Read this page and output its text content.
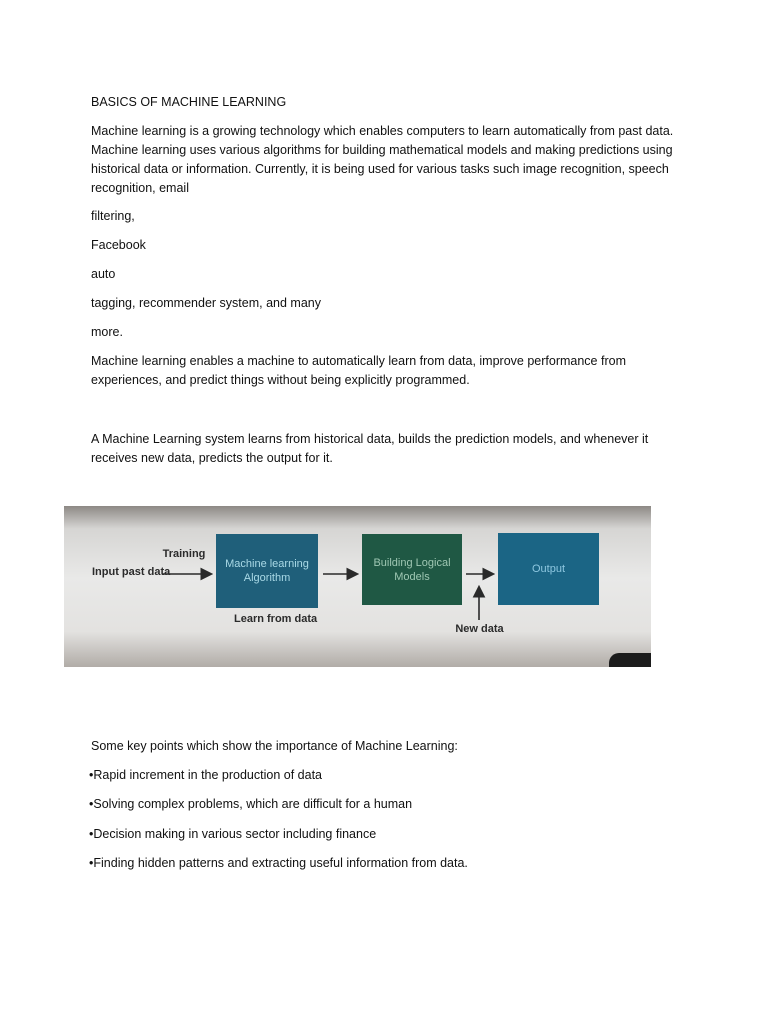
BASICS OF MACHINE LEARNING

Machine learning is a growing technology which enables computers to learn automatically from past data. Machine learning uses various algorithms for building mathematical models and making predictions using historical data or information. Currently, it is being used for various tasks such image recognition, speech recognition, email

filtering,

Facebook

auto

tagging, recommender system, and many

more.

Machine learning enables a machine to automatically learn from data, improve performance from experiences, and predict things without being explicitly programmed.

A Machine Learning system learns from historical data, builds the prediction models, and whenever it receives new data, predicts the output for it.

Input past data
Training
Machine learning Algorithm
Learn from data
Building Logical Models
New data
Output

Some key points which show the importance of Machine Learning:

•Rapid increment in the production of data

•Solving complex problems, which are difficult for a human

•Decision making in various sector including finance

•Finding hidden patterns and extracting useful information from data.
